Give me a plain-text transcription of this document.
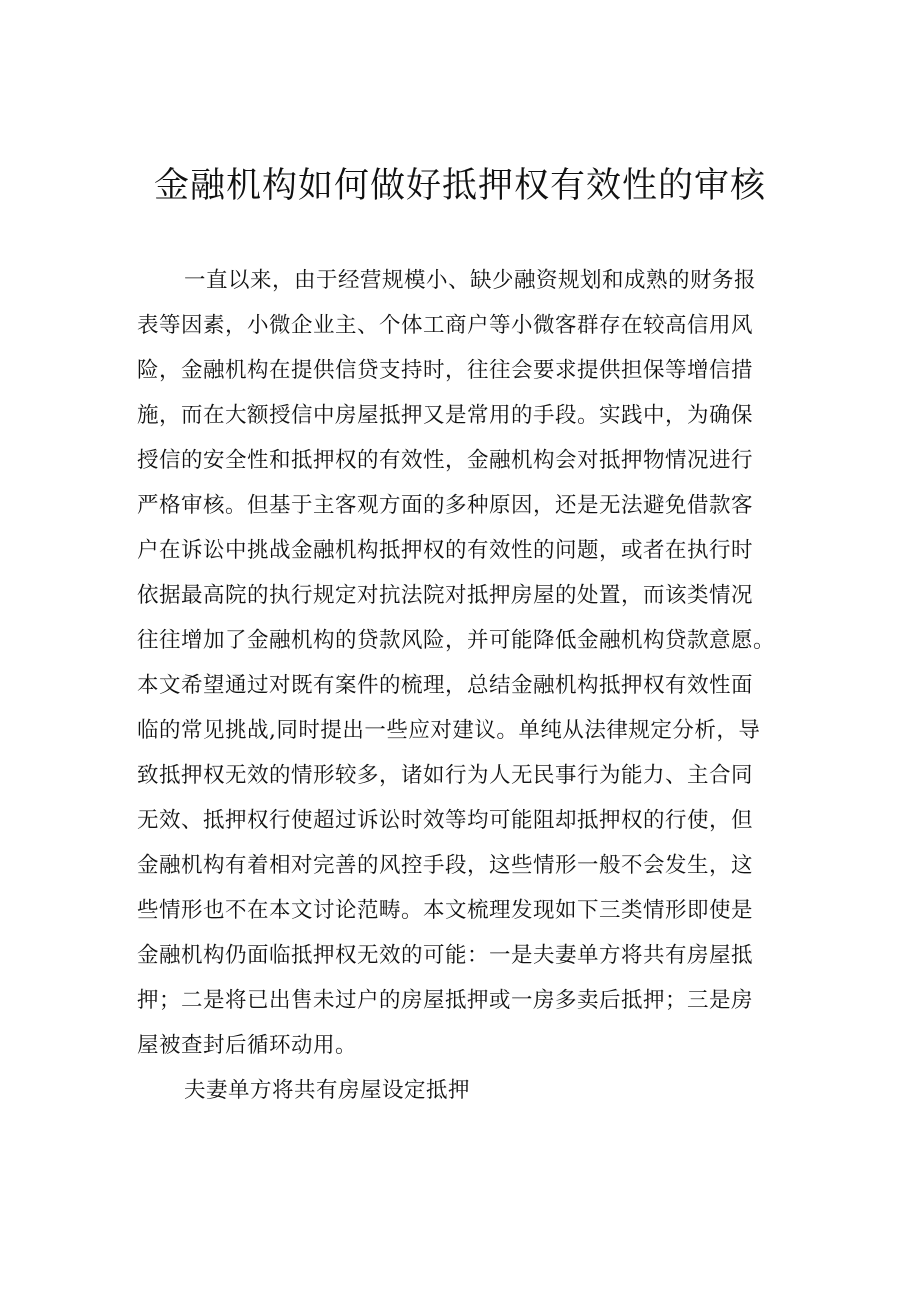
金融机构如何做好抵押权有效性的审核
一直以来，由于经营规模小、缺少融资规划和成熟的财务报
表等因素，小微企业主、个体工商户等小微客群存在较高信用风
险，金融机构在提供信贷支持时，往往会要求提供担保等增信措
施，而在大额授信中房屋抵押又是常用的手段。实践中，为确保
授信的安全性和抵押权的有效性，金融机构会对抵押物情况进行
严格审核。但基于主客观方面的多种原因，还是无法避免借款客
户在诉讼中挑战金融机构抵押权的有效性的问题，或者在执行时
依据最高院的执行规定对抗法院对抵押房屋的处置，而该类情况
往往增加了金融机构的贷款风险，并可能降低金融机构贷款意愿。
本文希望通过对既有案件的梳理，总结金融机构抵押权有效性面
临的常见挑战,同时提出一些应对建议。单纯从法律规定分析，导
致抵押权无效的情形较多，诸如行为人无民事行为能力、主合同
无效、抵押权行使超过诉讼时效等均可能阻却抵押权的行使，但
金融机构有着相对完善的风控手段，这些情形一般不会发生，这
些情形也不在本文讨论范畴。本文梳理发现如下三类情形即使是
金融机构仍面临抵押权无效的可能：一是夫妻单方将共有房屋抵
押；二是将已出售未过户的房屋抵押或一房多卖后抵押；三是房
屋被查封后循环动用。
夫妻单方将共有房屋设定抵押
